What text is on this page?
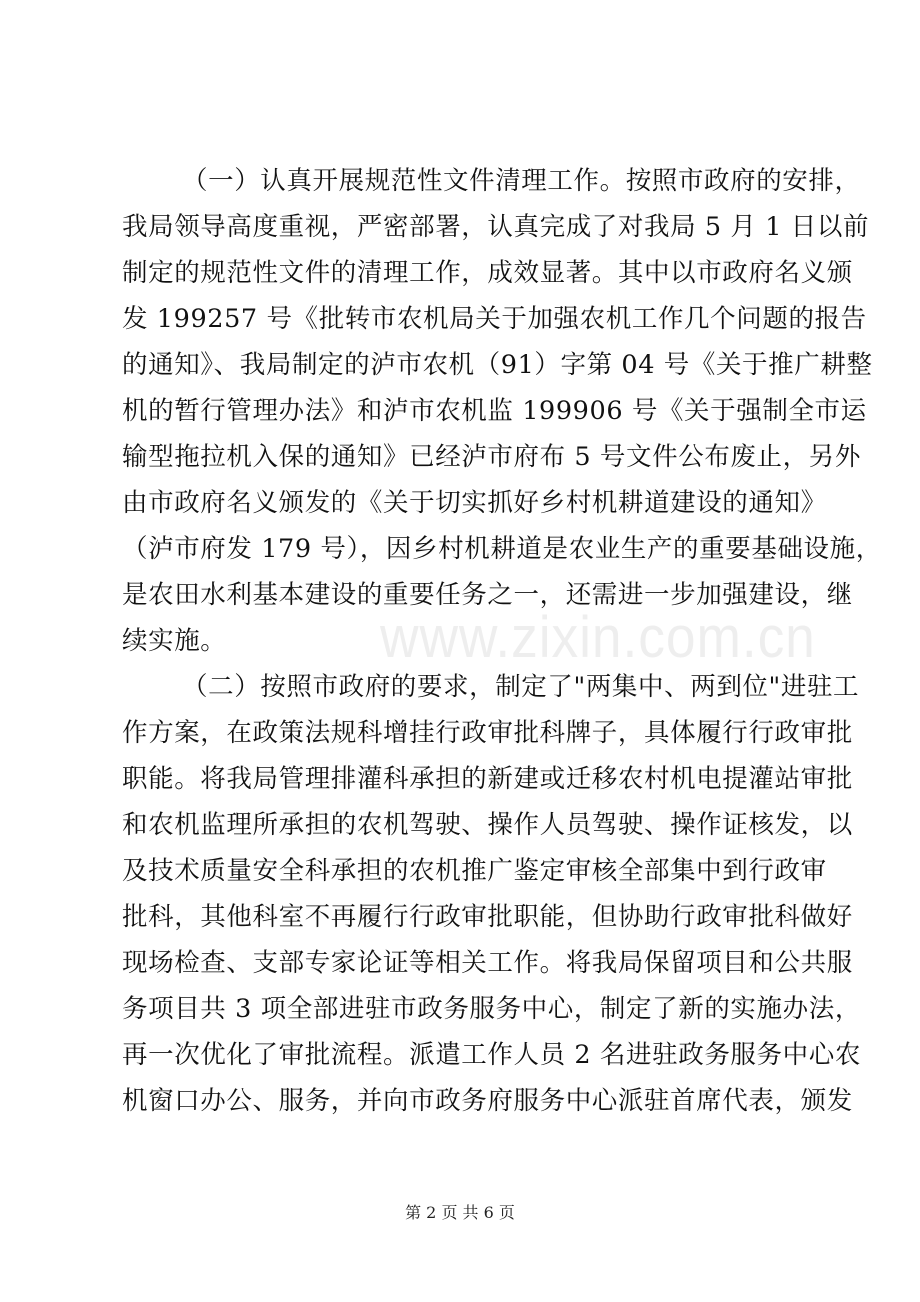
（一）认真开展规范性文件清理工作。按照市政府的安排，
我局领导高度重视，严密部署，认真完成了对我局 5 月 1 日以前
制定的规范性文件的清理工作，成效显著。其中以市政府名义颁
发 199257 号《批转市农机局关于加强农机工作几个问题的报告
的通知》、我局制定的泸市农机（91）字第 04 号《关于推广耕整
机的暂行管理办法》和泸市农机监 199906 号《关于强制全市运
输型拖拉机入保的通知》已经泸市府布 5 号文件公布废止，另外
由市政府名义颁发的《关于切实抓好乡村机耕道建设的通知》
（泸市府发 179 号），因乡村机耕道是农业生产的重要基础设施，
是农田水利基本建设的重要任务之一，还需进一步加强建设，继
续实施。
（二）按照市政府的要求，制定了"两集中、两到位"进驻工
作方案，在政策法规科增挂行政审批科牌子，具体履行行政审批
职能。将我局管理排灌科承担的新建或迁移农村机电提灌站审批
和农机监理所承担的农机驾驶、操作人员驾驶、操作证核发，以
及技术质量安全科承担的农机推广鉴定审核全部集中到行政审
批科，其他科室不再履行行政审批职能，但协助行政审批科做好
现场检查、支部专家论证等相关工作。将我局保留项目和公共服
务项目共 3 项全部进驻市政务服务中心，制定了新的实施办法，
再一次优化了审批流程。派遣工作人员 2 名进驻政务服务中心农
机窗口办公、服务，并向市政务府服务中心派驻首席代表，颁发
www.zixin.com.cn
第 2 页 共 6 页
